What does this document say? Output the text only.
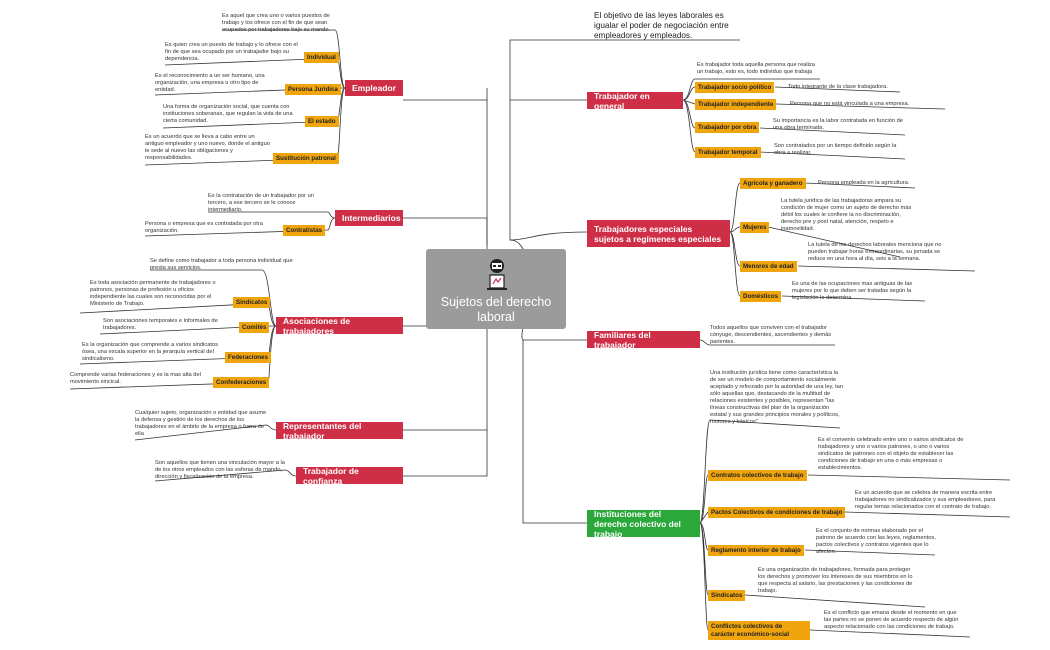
Sujetos del derecho laboral
El objetivo de las leyes laborales es igualar el poder de negociación entre empleadores y empleados.
Empleador
Es aquel que crea uno o varios puestos de trabajo y los ofrece con el fin de que sean ocupados por trabajadores bajo su mando.
Individual
Es quien crea un puesto de trabajo y lo ofrece con el fin de que sea ocupado por un trabajador bajo su dependencia.
Persona Jurídica
Es el reconocimiento a un ser humano, una organización, una empresa u otro tipo de entidad.
El estado
Una forma de organización social, que cuenta con instituciones soberanas, que regulan la vida de una cierta comunidad.
Sustitución patronal
Es un acuerdo que se lleva a cabo entre un antiguo empleador y uno nuevo, donde el antiguo le sede al nuevo las obligaciones y responsabilidades.
Intermediarios
Es la contratación de un trabajador por un tercero, a ese tercero se le conoce intermediario.
Contratistas
Persona o empresa que es contratada por otra organización.
Asociaciones de trabajadores
Se define como trabajador a toda persona individual que presta sus servicios.
Sindicatos
Es toda asociación permanente de trabajadores o patronos, personas de profesión u oficios independiente las cuales son reconocidas por el Ministerio de Trabajo.
Comités
Son asociaciones temporales e informales de trabajadores.
Federaciones
Es la organización que comprende a varios sindicatos ósea, una escala superior en la jerarquía vertical del sindicalismo.
Confederaciones
Comprende varias federaciones y es la mas alta del movimiento sincical.
Representantes del trabajador
Cualquier sujeto, organización o entidad que asume la defensa y gestión de los derechos de los trabajadores en el ámbito de la empresa o fuera de ella
Trabajador de confianza
Son aquellos que tienen una vinculación mayor a la de los otros empleados con las esferas de mando, dirección y fiscalización de la empresa.
Trabajador en general
Es trabajador toda aquella persona que realiza un trabajo, esto es, todo individuo que trabaja
Trabajador socio político	Todo integrante de la clase trabajadora.
Trabajador independiente	Persona que no está vinculada a una empresa.
Trabajador por obra
Su importancia es la labor contratada en función de una obra terminada.
Trabajador temporal
Son contratados por un tiempo definido según la obra a realizar.
Trabajadores especiales sujetos a regímenes especiales
Agrícola y ganadero	Persona empleada en la agricultura.
Mujeres
La tutela jurídica de las trabajadoras ampara su condición de mujer como un sujeto de derecho más débil los cuales le confiere la no discriminación, derecho pre y post natal, atención, respeto e inamovilidad.
Menores de edad
La tutela de los derechos laborales menciona que no pueden trabajar horas extraordinarias, su jornada se reduce en una hora al día, seis a la semana.
Domésticos
Es una de las ocupaciones mas antiguas de las mujeres por lo que deben ser tratadas según la legislación lo determina.
Familiares del trabajador
Todos aquellos que conviven con el trabajador cónyuge, descendientes, ascendientes y demás parientes.
Instituciones del derecho colectivo del trabajo
Una institución jurídica tiene como característica la de ser un modelo de comportamiento socialmente aceptado y reforzado por la autoridad de una ley, tan sólo aquellas que, destacando de la multitud de relaciones existentes y posibles, representan "las líneas constructivas del plan de la organización estatal y sus grandes principios morales y políticos, motores y básicos"
Contratos colectivos de trabajo
Es el convenio celebrado entre uno o varios sindicatos de trabajadores y uno o varios patrones, o uno o varios sindicatos de patrones con el objeto de establecer las condiciones de trabajo en una o más empresas o establecimientos.
Pactos Colectivos de condiciones de trabajo
Es un acuerdo que se celebra de manera escrita entre trabajadores no sindicalizados y sus empleadores, para regular temas relacionados con el contrato de trabajo.
Reglamento interior de trabajo
Es el conjunto de normas elaborado por el patrono de acuerdo con las leyes, reglamentos, pactos colectivos y contratos vigentes que lo afecten.
Sindicatos
Es una organización de trabajadores, formada para proteger los derechos y promover los intereses de sus miembros en lo que respecta al salario, las prestaciones y las condiciones de trabajo.
Conflictos colectivos de carácter económico-social
Es el conflicto que emana desde el momento en que las partes no se ponen de acuerdo respecto de algún aspecto relacionado con las condiciones de trabajo.
